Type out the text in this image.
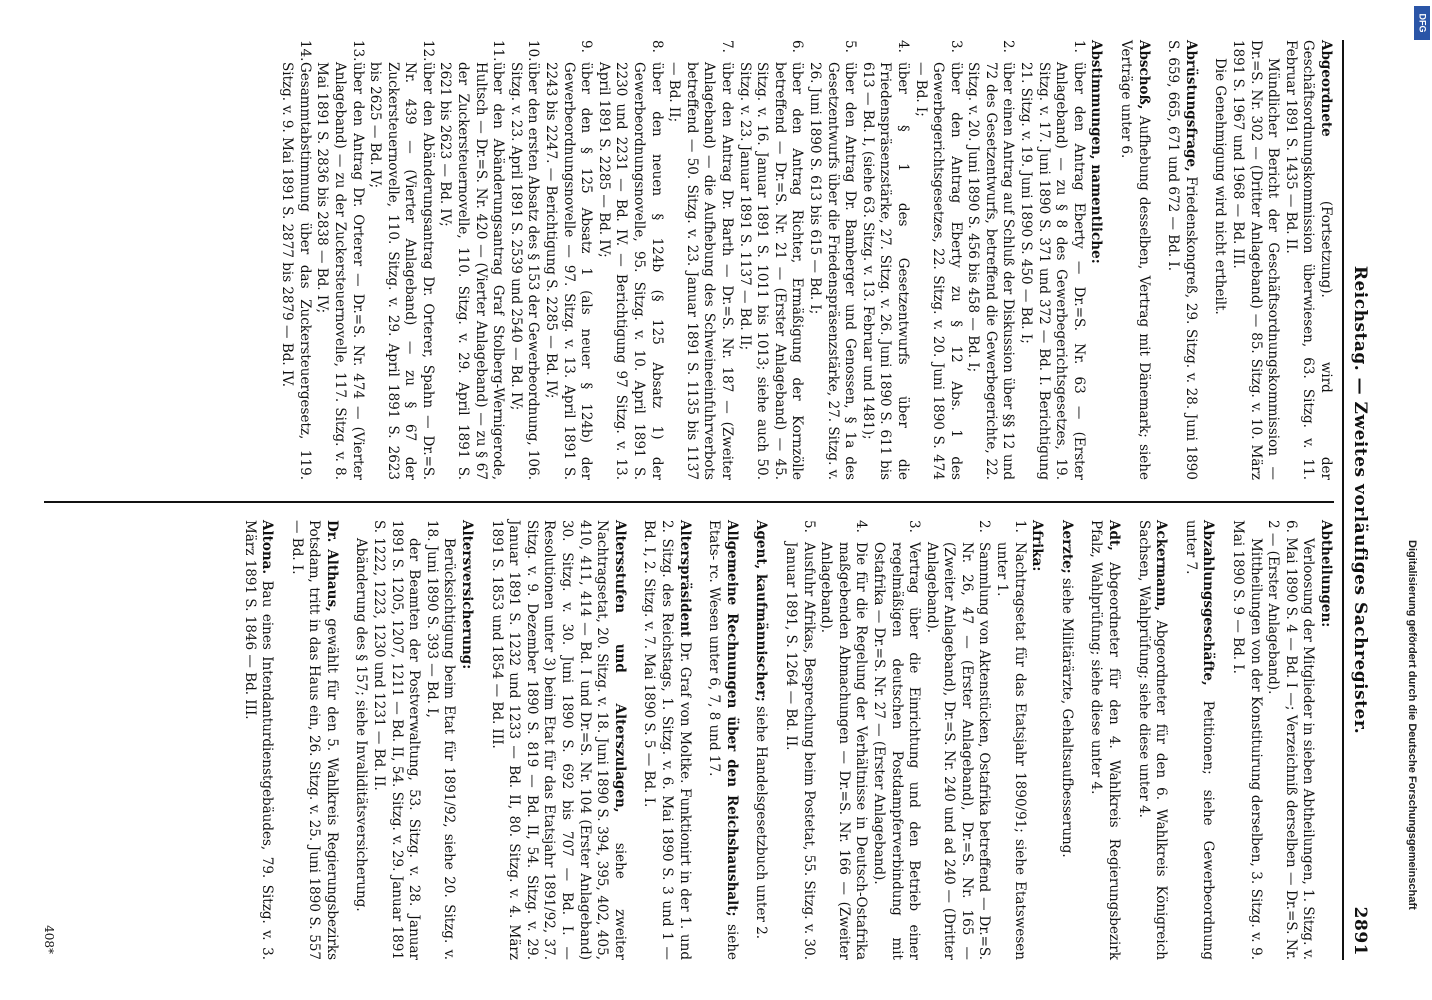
Reichstag. — Zweites vorläufiges Sachregister.
2891
Abgeordnete (Fortsetzung). wird der Geschäftsordnungskommission überwiesen, 63. Sitzg. v. 11. Februar 1891 S. 1435 — Bd. II.
Mündlicher Bericht der Geschäftsordnungskommission — Dr.=S. Nr. 302 — (Dritter Anlageband) — 85. Sitzg. v. 10. März 1891 S. 1967 und 1968 — Bd. III.
Die Genehmigung wird nicht ertheilt.
Abrüstungsfrage, Friedenskongreß, 29. Sitzg. v. 28. Juni 1890 S. 659, 665, 671 und 672 — Bd. I.
Abschoß, Aufhebung desselben, Vertrag mit Dänemark; siehe Verträge unter 6.
Abstimmungen, namentliche:
1.über den Antrag Eberty — Dr.=S. Nr. 63 — (Erster Anlageband) — zu § 8 des Gewerbegerichtsgesetzes, 19. Sitzg. v. 17. Juni 1890 S. 371 und 372 — Bd. I. Berichtigung 21. Sitzg. v. 19. Juni 1890 S. 450 — Bd. I;
2.über einen Antrag auf Schluß der Diskussion über §§ 12 und 72 des Gesetzentwurfs, betreffend die Gewerbegerichte, 22. Sitzg. v. 20. Juni 1890 S. 456 bis 458 — Bd. I;
3.über den Antrag Eberty zu § 12 Abs. 1 des Gewerbegerichtsgesetzes, 22. Sitzg. v. 20. Juni 1890 S. 474 — Bd. I;
4.über § 1 des Gesetzentwurfs über die Friedenspräsenzstärke, 27. Sitzg. v. 26. Juni 1890 S. 611 bis 613 — Bd. I, (siehe 63. Sitzg. v. 13. Februar und 1481);
5.über den Antrag Dr. Bamberger und Genossen, § 1a des Gesetzentwurfs über die Friedenspräsenzstärke, 27. Sitzg. v. 26. Juni 1890 S. 613 bis 615 — Bd. I;
6.über den Antrag Richter, Ermäßigung der Kornzölle betreffend — Dr.=S. Nr. 21 — (Erster Anlageband) — 45. Sitzg. v. 16. Januar 1891 S. 1011 bis 1013; siehe auch 50. Sitzg. v. 23. Januar 1891 S. 1137 — Bd. II;
7.über den Antrag Dr. Barth — Dr.=S. Nr. 187 — (Zweiter Anlageband) — die Aufhebung des Schweineeinfuhrverbots betreffend — 50. Sitzg. v. 23. Januar 1891 S. 1135 bis 1137 — Bd. II;
8.über den neuen § 124b (§ 125 Absatz 1) der Gewerbeordnungsnovelle, 95. Sitzg. v. 10. April 1891 S. 2230 und 2231 — Bd. IV. — Berichtigung 97 Sitzg. v. 13. April 1891 S. 2285 — Bd. IV;
9.über den § 125 Absatz 1 (als neuer § 124b) der Gewerbeordnungsnovelle — 97. Sitzg. v. 13. April 1891 S. 2243 bis 2247. — Berichtigung S. 2285 — Bd. IV;
10.über den ersten Absatz des § 153 der Gewerbeordnung, 106. Sitzg. v. 23. April 1891 S. 2539 und 2540 — Bd. IV;
11.über den Abänderungsantrag Graf Stolberg-Wernigerode, Hultsch — Dr.=S. Nr. 420 — (Vierter Anlageband) — zu § 67 der Zuckersteuernovelle, 110. Sitzg. v. 29. April 1891 S. 2621 bis 2623 — Bd. IV;
12.über den Abänderungsantrag Dr. Orterer, Spahn — Dr.=S. Nr. 439 — (Vierter Anlageband) — zu § 67 der Zuckersteuernovelle, 110. Sitzg. v. 29. April 1891 S. 2623 bis 2625 — Bd. IV;
13.über den Antrag Dr. Orterer — Dr.=S. Nr. 474 — (Vierter Anlageband) — zu der Zuckersteuernovelle, 117. Sitzg. v. 8. Mai 1891 S. 2836 bis 2838 — Bd. IV;
14.Gesammtabstimmung über das Zuckersteuergesetz, 119. Sitzg. v. 9. Mai 1891 S. 2877 bis 2879 — Bd. IV.
Abtheilungen:
Verloosung der Mitglieder in sieben Abtheilungen, 1. Sitzg. v. 6. Mai 1890 S. 4 — Bd. I —; Verzeichniß derselben — Dr.=S. Nr. 2 — (Erster Anlageband).
Mittheilungen von der Konstituirung derselben, 3. Sitzg. v. 9. Mai 1890 S. 9 — Bd. I.
Abzahlungsgeschäfte, Petitionen; siehe Gewerbeordnung unter 7.
Ackermann, Abgeordneter für den 6. Wahlkreis Königreich Sachsen, Wahlprüfung; siehe diese unter 4.
Adt, Abgeordneter für den 4. Wahlkreis Regierungsbezirk Pfalz, Wahlprüfung; siehe diese unter 4.
Aerzte; siehe Militärärzte, Gehaltsaufbesserung.
Afrika:
1.Nachtragsetat für das Etatsjahr 1890/91; siehe Etatswesen unter 1.
2.Sammlung von Aktenstücken, Ostafrika betreffend — Dr.=S. Nr. 26, 47 — (Erster Anlageband), Dr.=S. Nr. 165 — (Zweiter Anlageband), Dr.=S. Nr. 240 und ad 240 — (Dritter Anlageband).
3.Vertrag über die Einrichtung und den Betrieb einer regelmäßigen deutschen Postdampferverbindung mit Ostafrika — Dr.=S. Nr. 27 — (Erster Anlageband).
4.Die für die Regelung der Verhältnisse in Deutsch-Ostafrika maßgebenden Abmachungen — Dr.=S. Nr. 166 — (Zweiter Anlageband).
5.Ausfuhr Afrikas, Besprechung beim Postetat, 55. Sitzg. v. 30. Januar 1891, S. 1264 — Bd. II.
Agent, kaufmännischer; siehe Handelsgesetzbuch unter 2.
Allgemeine Rechnungen über den Reichshaushalt; siehe Etats- rc. Wesen unter 6, 7, 8 und 17.
Alterspräsident Dr. Graf von Moltke. Funktionirt in der 1. und 2. Sitzg. des Reichstags, 1. Sitzg. v. 6. Mai 1890 S. 3 und 1 — Bd. I, 2. Sitzg. v. 7. Mai 1890 S. 5 — Bd. I.
Altersstufen und Alterszulagen, siehe zweiter Nachtragsetat, 20. Sitzg. v. 18. Juni 1890 S. 394, 395, 402, 405, 410, 411, 414 — Bd. I und Dr.=S. Nr. 104 (Erster Anlageband) 30. Sitzg. v. 30. Juni 1890 S. 692 bis 707 — Bd. I. — Resolutionen unter 3) beim Etat für das Etatsjahr 1891/92, 37. Sitzg. v. 9. Dezember 1890 S. 819 — Bd. II, 54. Sitzg. v. 29. Januar 1891 S. 1232 und 1233 — Bd. II, 80. Sitzg. v. 4. März 1891 S. 1853 und 1854 — Bd. III.
Altersversicherung:
Berücksichtigung beim Etat für 1891/92, siehe 20. Sitzg. v. 18. Juni 1890 S. 393 — Bd. I,
der Beamten der Postverwaltung, 53. Sitzg. v. 28. Januar 1891 S. 1205, 1207, 1211 — Bd. II, 54. Sitzg. v. 29. Januar 1891 S. 1222, 1223, 1230 und 1231 — Bd. II.
Abänderung des § 157; siehe Invaliditätsversicherung.
Dr. Althaus, gewählt für den 5. Wahlkreis Regierungsbezirks Potsdam, tritt in das Haus ein, 26. Sitzg. v. 25. Juni 1890 S. 557 — Bd. I.
Altona. Bau eines Intendanturdienstgebäudes, 79. Sitzg. v. 3. März 1891 S. 1846 — Bd. III.
408*
DFG
Digitalisierung gefördert durch die Deutsche Forschungsgemeinschaft
